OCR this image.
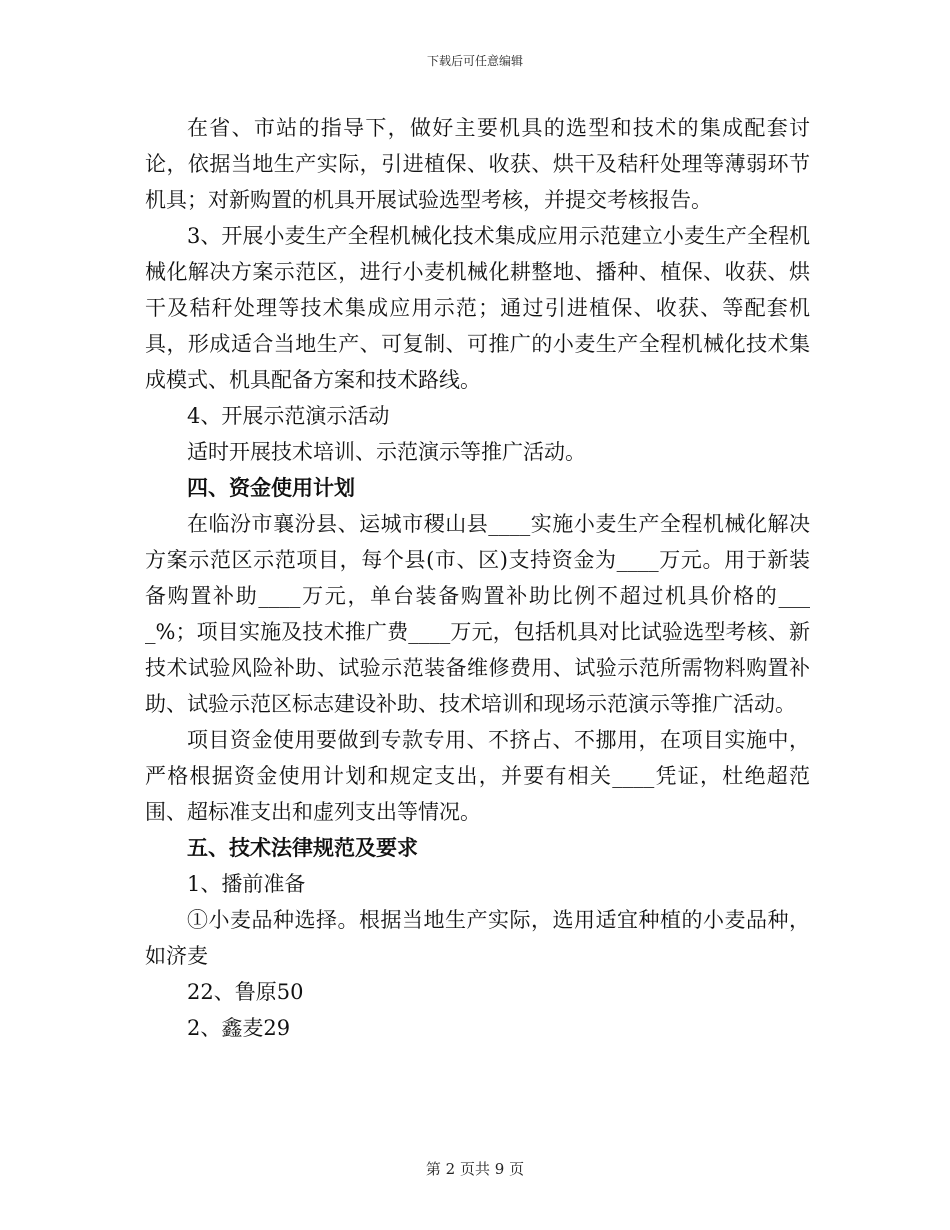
下载后可任意编辑

在省、市站的指导下，做好主要机具的选型和技术的集成配套讨论，依据当地生产实际，引进植保、收获、烘干及秸秆处理等薄弱环节机具；对新购置的机具开展试验选型考核，并提交考核报告。

3、开展小麦生产全程机械化技术集成应用示范建立小麦生产全程机械化解决方案示范区，进行小麦机械化耕整地、播种、植保、收获、烘干及秸秆处理等技术集成应用示范；通过引进植保、收获、等配套机具，形成适合当地生产、可复制、可推广的小麦生产全程机械化技术集成模式、机具配备方案和技术路线。

4、开展示范演示活动

适时开展技术培训、示范演示等推广活动。

四、资金使用计划

在临汾市襄汾县、运城市稷山县____实施小麦生产全程机械化解决方案示范区示范项目，每个县(市、区)支持资金为____万元。用于新装备购置补助____万元，单台装备购置补助比例不超过机具价格的____%；项目实施及技术推广费____万元，包括机具对比试验选型考核、新技术试验风险补助、试验示范装备维修费用、试验示范所需物料购置补助、试验示范区标志建设补助、技术培训和现场示范演示等推广活动。

项目资金使用要做到专款专用、不挤占、不挪用，在项目实施中，严格根据资金使用计划和规定支出，并要有相关____凭证，杜绝超范围、超标准支出和虚列支出等情况。

五、技术法律规范及要求

1、播前准备

①小麦品种选择。根据当地生产实际，选用适宜种植的小麦品种，如济麦

22、鲁原50

2、鑫麦29

第 2 页共 9 页
